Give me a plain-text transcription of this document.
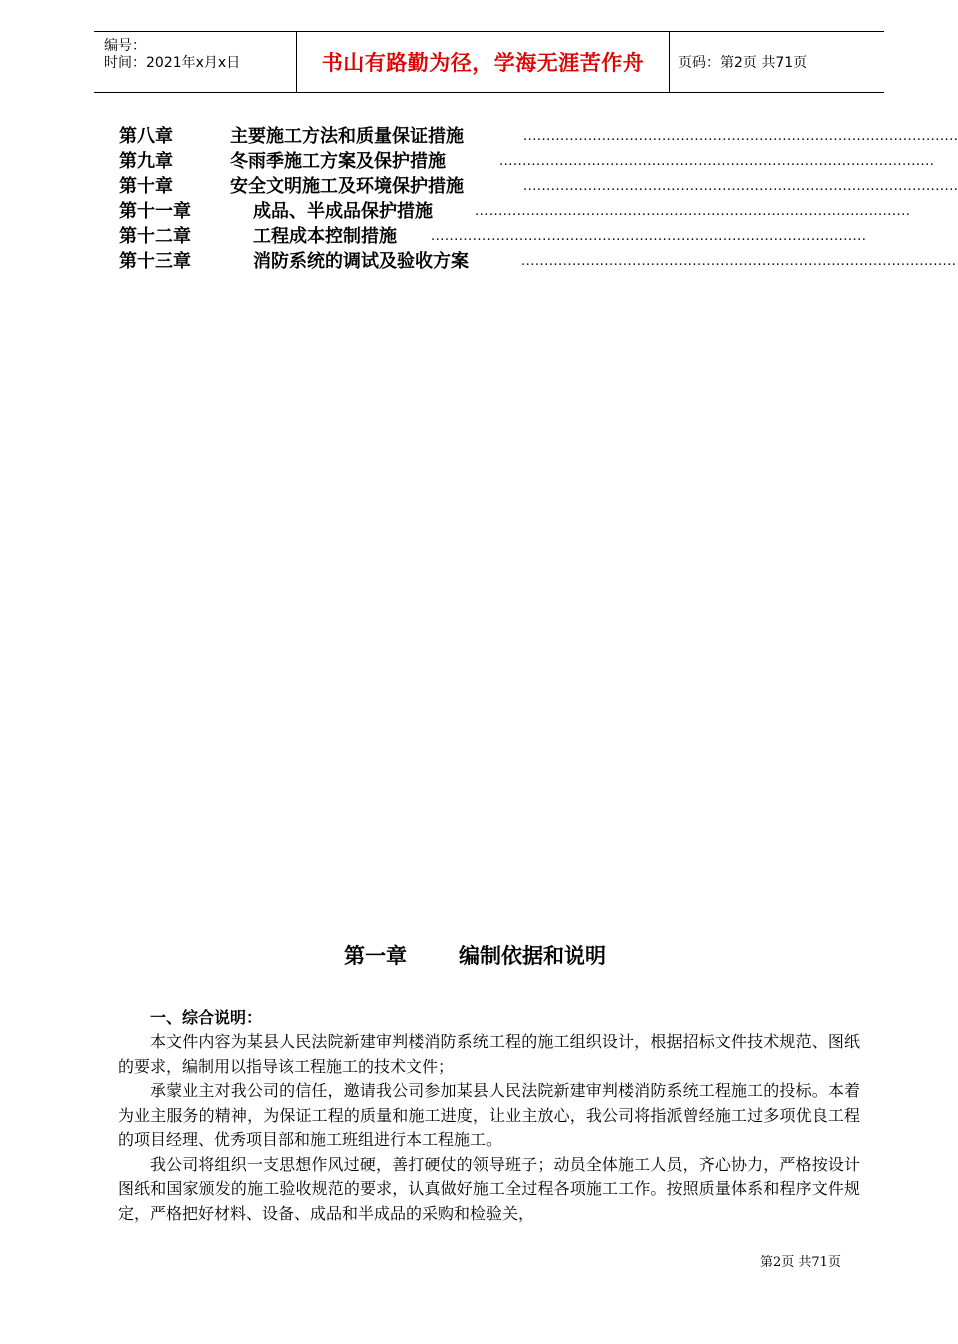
编号：
时间：2021年x月x日	书山有路勤为径，学海无涯苦作舟	页码：第2页 共71页
第八章	主要施工方法和质量保证措施	..............................................................................................
第九章	冬雨季施工方案及保护措施	..............................................................................................
第十章	安全文明施工及环境保护措施	..............................................................................................
第十一章	成品、半成品保护措施	..............................................................................................
第十二章	工程成本控制措施	..............................................................................................
第十三章	消防系统的调试及验收方案	..............................................................................................
第一章 编制依据和说明
一、综合说明：

本文件内容为某县人民法院新建审判楼消防系统工程的施工组织设计，根据招标文件技术规范、图纸的要求，编制用以指导该工程施工的技术文件；

承蒙业主对我公司的信任，邀请我公司参加某县人民法院新建审判楼消防系统工程施工的投标。本着为业主服务的精神，为保证工程的质量和施工进度，让业主放心，我公司将指派曾经施工过多项优良工程的项目经理、优秀项目部和施工班组进行本工程施工。

我公司将组织一支思想作风过硬，善打硬仗的领导班子；动员全体施工人员，齐心协力，严格按设计图纸和国家颁发的施工验收规范的要求，认真做好施工全过程各项施工工作。按照质量体系和程序文件规定，严格把好材料、设备、成品和半成品的采购和检验关，

第2页 共71页
